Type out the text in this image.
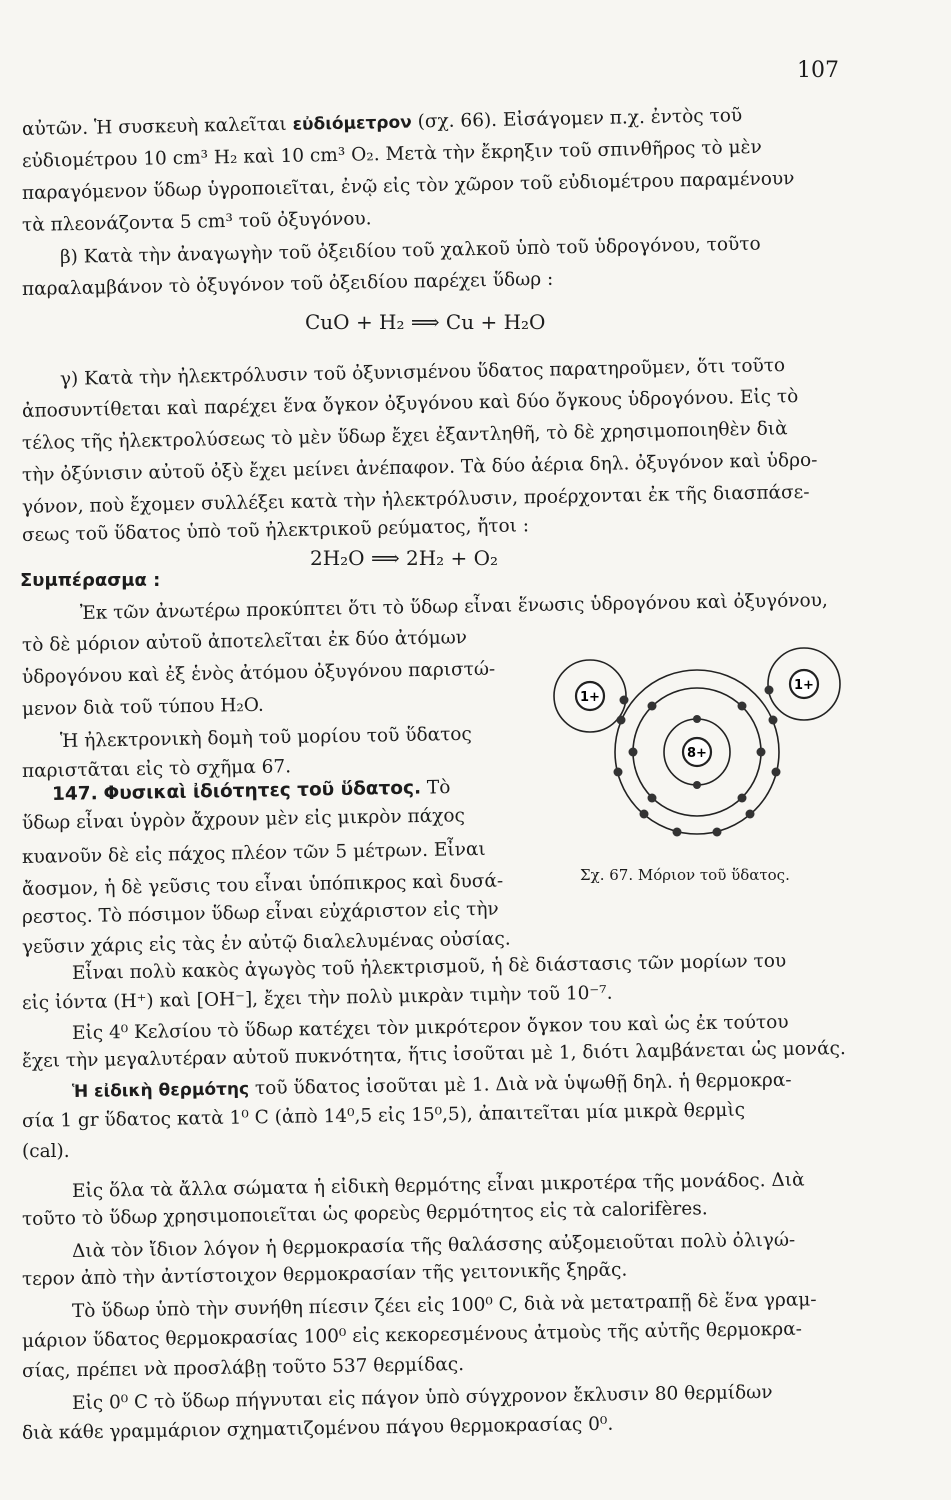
107
αὐτῶν. Ἡ συσκευὴ καλεῖται εὐδιόμετρον (σχ. 66). Εἰσάγομεν π.χ. ἐντὸς τοῦ
εὐδιομέτρου 10 cm³ H₂ καὶ 10 cm³ O₂. Μετὰ τὴν ἔκρηξιν τοῦ σπινθῆρος τὸ μὲν
παραγόμενον ὕδωρ ὑγροποιεῖται, ἐνῷ εἰς τὸν χῶρον τοῦ εὐδιομέτρου παραμένουν
τὰ πλεονάζοντα 5 cm³ τοῦ ὀξυγόνου.
β) Κατὰ τὴν ἀναγωγὴν τοῦ ὀξειδίου τοῦ χαλκοῦ ὑπὸ τοῦ ὑδρογόνου, τοῦτο
παραλαμβάνον τὸ ὀξυγόνον τοῦ ὀξειδίου παρέχει ὕδωρ :
CuO + H₂ ⟹ Cu + H₂O
γ) Κατὰ τὴν ἠλεκτρόλυσιν τοῦ ὀξυνισμένου ὕδατος παρατηροῦμεν, ὅτι τοῦτο
ἀποσυντίθεται καὶ παρέχει ἕνα ὄγκον ὀξυγόνου καὶ δύο ὄγκους ὑδρογόνου. Εἰς τὸ
τέλος τῆς ἠλεκτρολύσεως τὸ μὲν ὕδωρ ἔχει ἐξαντληθῆ, τὸ δὲ χρησιμοποιηθὲν διὰ
τὴν ὀξύνισιν αὐτοῦ ὀξὺ ἔχει μείνει ἀνέπαφον. Τὰ δύο ἀέρια δηλ. ὀξυγόνον καὶ ὑδρο-
γόνον, ποὺ ἔχομεν συλλέξει κατὰ τὴν ἠλεκτρόλυσιν, προέρχονται ἐκ τῆς διασπάσε-
σεως τοῦ ὕδατος ὑπὸ τοῦ ἠλεκτρικοῦ ρεύματος, ἤτοι :
2H₂O ⟹ 2H₂ + O₂
Συμπέρασμα :
Ἐκ τῶν ἀνωτέρω προκύπτει ὅτι τὸ ὕδωρ εἶναι ἕνωσις ὑδρογόνου καὶ ὀξυγόνου,
τὸ δὲ μόριον αὐτοῦ ἀποτελεῖται ἐκ δύο ἀτόμων
ὑδρογόνου καὶ ἐξ ἑνὸς ἀτόμου ὀξυγόνου παριστώ-
μενον διὰ τοῦ τύπου H₂O.
Ἡ ἠλεκτρονικὴ δομὴ τοῦ μορίου τοῦ ὕδατος
παριστᾶται εἰς τὸ σχῆμα 67.
1+
1+
8+
Σχ. 67. Μόριον τοῦ ὕδατος.
147. Φυσικαὶ ἰδιότητες τοῦ ὕδατος. Τὸ
ὕδωρ εἶναι ὑγρὸν ἄχρουν μὲν εἰς μικρὸν πάχος
κυανοῦν δὲ εἰς πάχος πλέον τῶν 5 μέτρων. Εἶναι
ἄοσμον, ἡ δὲ γεῦσις του εἶναι ὑπόπικρος καὶ δυσά-
ρεστος. Τὸ πόσιμον ὕδωρ εἶναι εὐχάριστον εἰς τὴν
γεῦσιν χάρις εἰς τὰς ἐν αὐτῷ διαλελυμένας οὐσίας.
Εἶναι πολὺ κακὸς ἀγωγὸς τοῦ ἠλεκτρισμοῦ, ἡ δὲ διάστασις τῶν μορίων του
εἰς ἰόντα (H⁺) καὶ [OH⁻], ἔχει τὴν πολὺ μικρὰν τιμὴν τοῦ 10⁻⁷.
Εἰς 4⁰ Κελσίου τὸ ὕδωρ κατέχει τὸν μικρότερον ὄγκον του καὶ ὡς ἐκ τούτου
ἔχει τὴν μεγαλυτέραν αὐτοῦ πυκνότητα, ἥτις ἰσοῦται μὲ 1, διότι λαμβάνεται ὡς μονάς.
Ἡ εἰδικὴ θερμότης τοῦ ὕδατος ἰσοῦται μὲ 1. Διὰ νὰ ὑψωθῇ δηλ. ἡ θερμοκρα-
σία 1 gr ὕδατος κατὰ 1⁰ C (ἀπὸ 14⁰,5 εἰς 15⁰,5), ἀπαιτεῖται μία μικρὰ θερμὶς
(cal).
Εἰς ὅλα τὰ ἄλλα σώματα ἡ εἰδικὴ θερμότης εἶναι μικροτέρα τῆς μονάδος. Διὰ
τοῦτο τὸ ὕδωρ χρησιμοποιεῖται ὡς φορεὺς θερμότητος εἰς τὰ calorifères.
Διὰ τὸν ἴδιον λόγον ἡ θερμοκρασία τῆς θαλάσσης αὐξομειοῦται πολὺ ὀλιγώ-
τερον ἀπὸ τὴν ἀντίστοιχον θερμοκρασίαν τῆς γειτονικῆς ξηρᾶς.
Τὸ ὕδωρ ὑπὸ τὴν συνήθη πίεσιν ζέει εἰς 100⁰ C, διὰ νὰ μετατραπῇ δὲ ἕνα γραμ-
μάριον ὕδατος θερμοκρασίας 100⁰ εἰς κεκορεσμένους ἀτμοὺς τῆς αὐτῆς θερμοκρα-
σίας, πρέπει νὰ προσλάβῃ τοῦτο 537 θερμίδας.
Εἰς 0⁰ C τὸ ὕδωρ πήγνυται εἰς πάγον ὑπὸ σύγχρονον ἔκλυσιν 80 θερμίδων
διὰ κάθε γραμμάριον σχηματιζομένου πάγου θερμοκρασίας 0⁰.
